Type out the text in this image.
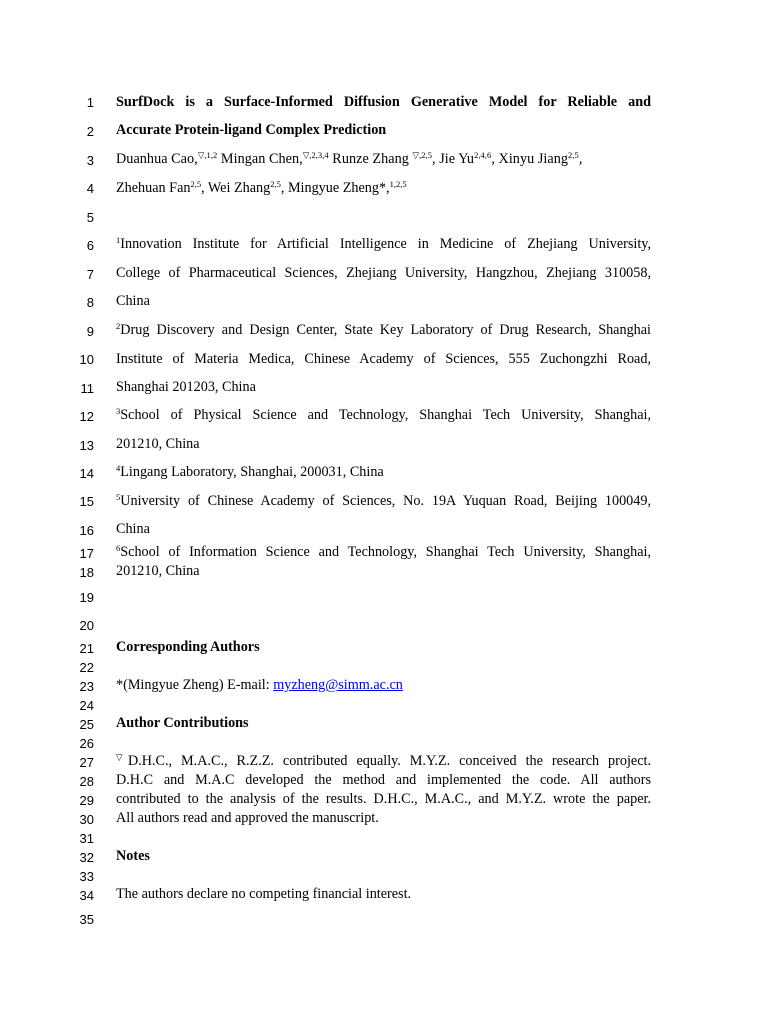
1
2
3
4
5
6
7
8
9
10
11
12
13
14
15
16
17
18
19
20
21
22
23
24
25
26
27
28
29
30
31
32
33
34
35
SurfDock is a Surface-Informed Diffusion Generative Model for Reliable and
Accurate Protein-ligand Complex Prediction
Duanhua Cao,$^{▽,1,2}$ Mingan Chen,$^{▽,2,3,4}$ Runze Zhang $^{▽,2,5}$, Jie Yu$^{2,4,6}$, Xinyu Jiang$^{2,5}$,
Zhehuan Fan$^{2,5}$, Wei Zhang$^{2,5}$, Mingyue Zheng*,$^{1,2,5}$
$^1$Innovation Institute for Artificial Intelligence in Medicine of Zhejiang University,
College of Pharmaceutical Sciences, Zhejiang University, Hangzhou, Zhejiang 310058,
China
$^2$Drug Discovery and Design Center, State Key Laboratory of Drug Research, Shanghai
Institute of Materia Medica, Chinese Academy of Sciences, 555 Zuchongzhi Road,
Shanghai 201203, China
$^3$School of Physical Science and Technology, Shanghai Tech University, Shanghai,
201210, China
$^4$Lingang Laboratory, Shanghai, 200031, China
$^5$University of Chinese Academy of Sciences, No. 19A Yuquan Road, Beijing 100049,
China
$^6$School of Information Science and Technology, Shanghai Tech University, Shanghai,
201210, China
Corresponding Authors
*(Mingyue Zheng) E-mail: myzheng@simm.ac.cn
Author Contributions
▽D.H.C., M.A.C., R.Z.Z. contributed equally. M.Y.Z. conceived the research project.
D.H.C and M.A.C developed the method and implemented the code. All authors
contributed to the analysis of the results. D.H.C., M.A.C., and M.Y.Z. wrote the paper.
All authors read and approved the manuscript.
Notes
The authors declare no competing financial interest.
